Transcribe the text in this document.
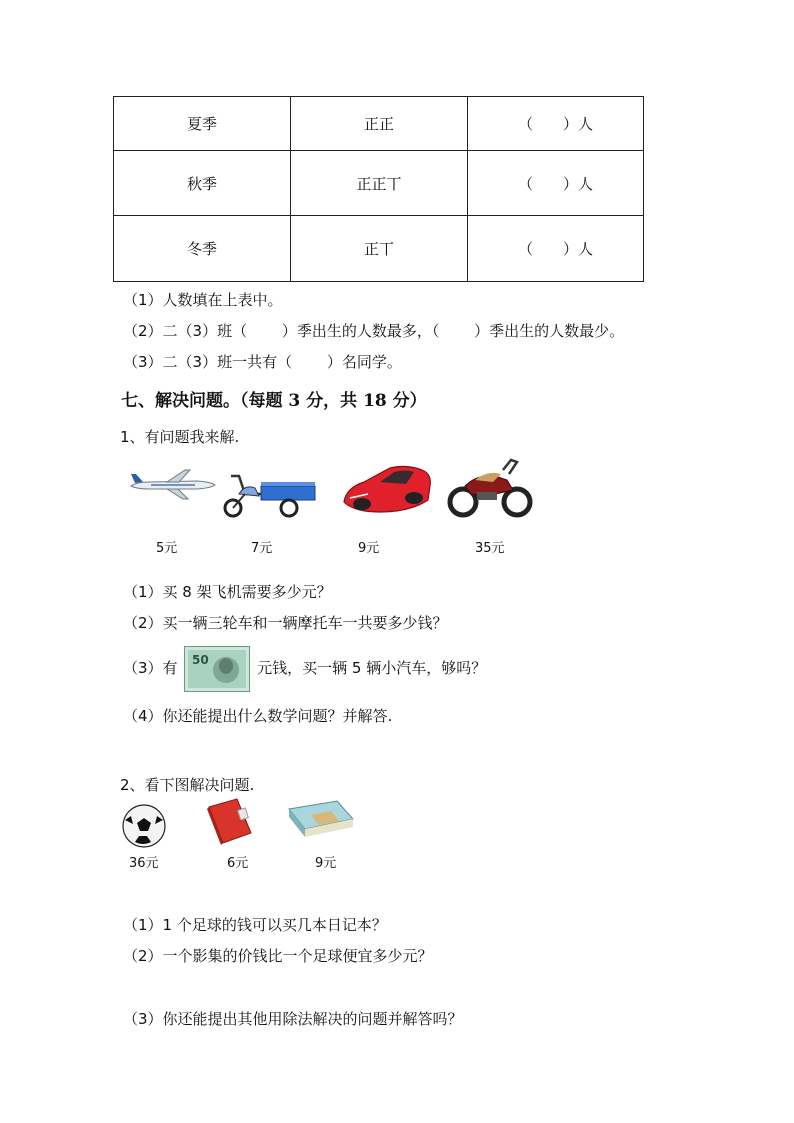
夏季	正正	（　　）人
秋季	正正丅	（　　）人
冬季	正丅	（　　）人
（1）人数填在上表中。
（2）二（3）班（　　 ）季出生的人数最多，（　　 ）季出生的人数最少。
（3）二（3）班一共有（　　 ）名同学。
七、解决问题。（每题 3 分，共 18 分）
1、有问题我来解.
5元	7元	9元	35元
（1）买 8 架飞机需要多少元？
（2）买一辆三轮车和一辆摩托车一共要多少钱？
（3）有 50	元钱，买一辆 5 辆小汽车，够吗？
（4）你还能提出什么数学问题？并解答.
2、看下图解决问题.
36元	6元	9元
（1）1 个足球的钱可以买几本日记本？
（2）一个影集的价钱比一个足球便宜多少元？
（3）你还能提出其他用除法解决的问题并解答吗？
